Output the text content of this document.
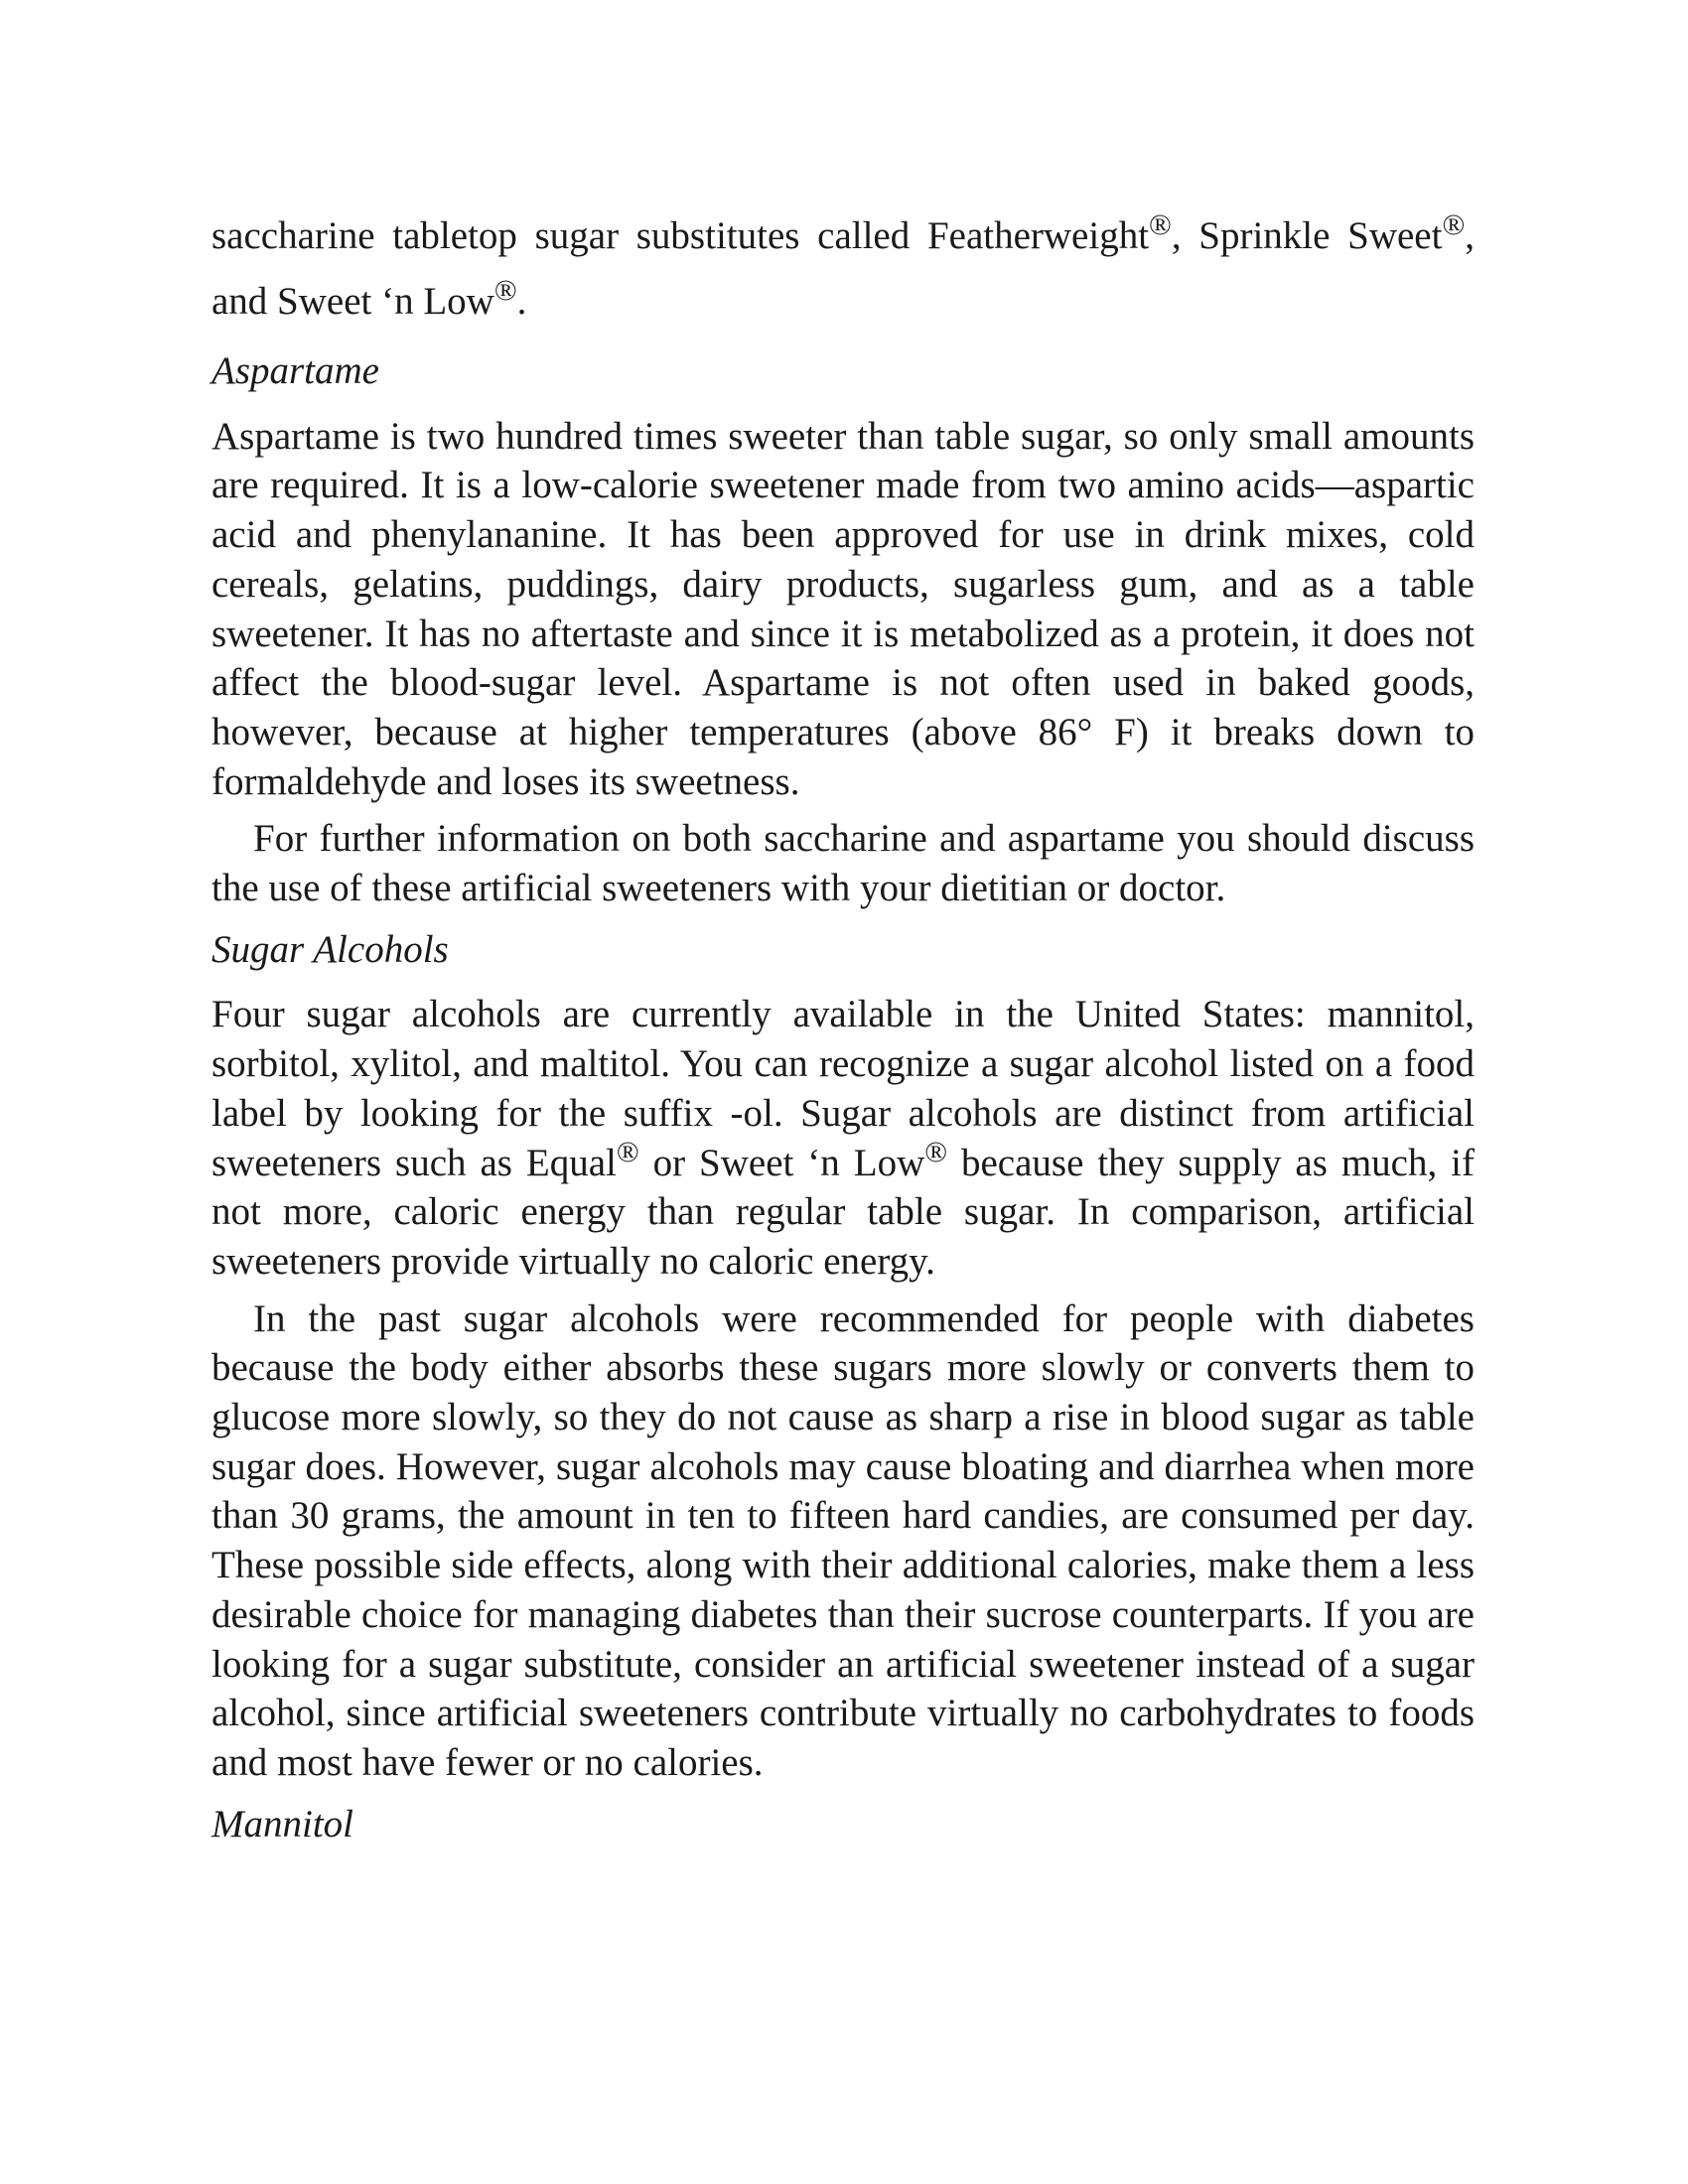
saccharine tabletop sugar substitutes called Featherweight®, Sprinkle Sweet®, and Sweet ‘n Low®.

Aspartame

Aspartame is two hundred times sweeter than table sugar, so only small amounts are required. It is a low-calorie sweetener made from two amino acids—aspartic acid and phenylananine. It has been approved for use in drink mixes, cold cereals, gelatins, puddings, dairy products, sugarless gum, and as a table sweetener. It has no aftertaste and since it is metabolized as a protein, it does not affect the blood-sugar level. Aspartame is not often used in baked goods, however, because at higher temperatures (above 86° F) it breaks down to formaldehyde and loses its sweetness.

For further information on both saccharine and aspartame you should discuss the use of these artificial sweeteners with your dietitian or doctor.

Sugar Alcohols

Four sugar alcohols are currently available in the United States: mannitol, sorbitol, xylitol, and maltitol. You can recognize a sugar alcohol listed on a food label by looking for the suffix -ol. Sugar alcohols are distinct from artificial sweeteners such as Equal® or Sweet ‘n Low® because they supply as much, if not more, caloric energy than regular table sugar. In comparison, artificial sweeteners provide virtually no caloric energy.

In the past sugar alcohols were recommended for people with diabetes because the body either absorbs these sugars more slowly or converts them to glucose more slowly, so they do not cause as sharp a rise in blood sugar as table sugar does. However, sugar alcohols may cause bloating and diarrhea when more than 30 grams, the amount in ten to fifteen hard candies, are consumed per day. These possible side effects, along with their additional calories, make them a less desirable choice for managing diabetes than their sucrose counterparts. If you are looking for a sugar substitute, consider an artificial sweetener instead of a sugar alcohol, since artificial sweeteners contribute virtually no carbohydrates to foods and most have fewer or no calories.

Mannitol
